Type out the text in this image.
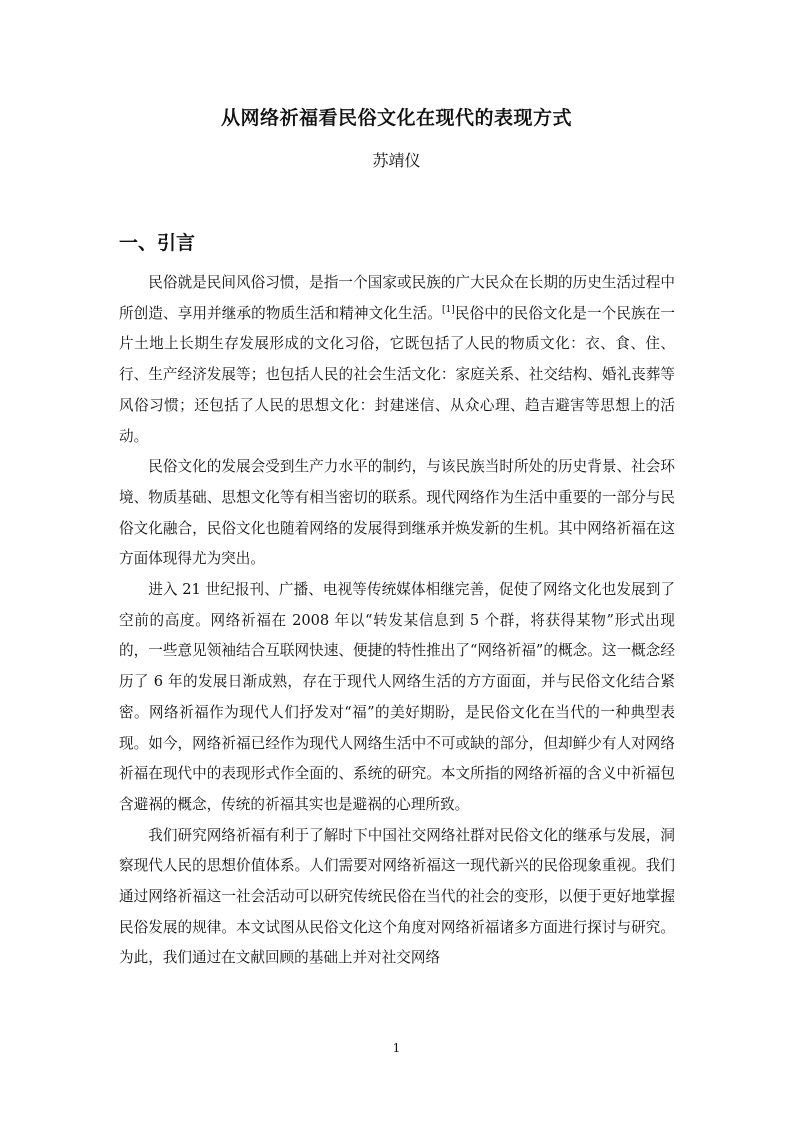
从网络祈福看民俗文化在现代的表现方式
苏靖仪
一、引言

民俗就是民间风俗习惯，是指一个国家或民族的广大民众在长期的历史生活过程中所创造、享用并继承的物质生活和精神文化生活。[1]民俗中的民俗文化是一个民族在一片土地上长期生存发展形成的文化习俗，它既包括了人民的物质文化：衣、食、住、行、生产经济发展等；也包括人民的社会生活文化：家庭关系、社交结构、婚礼丧葬等风俗习惯；还包括了人民的思想文化：封建迷信、从众心理、趋吉避害等思想上的活动。

民俗文化的发展会受到生产力水平的制约，与该民族当时所处的历史背景、社会环境、物质基础、思想文化等有相当密切的联系。现代网络作为生活中重要的一部分与民俗文化融合，民俗文化也随着网络的发展得到继承并焕发新的生机。其中网络祈福在这方面体现得尤为突出。

进入 21 世纪报刊、广播、电视等传统媒体相继完善，促使了网络文化也发展到了空前的高度。网络祈福在 2008 年以“转发某信息到 5 个群，将获得某物”形式出现的，一些意见领袖结合互联网快速、便捷的特性推出了“网络祈福”的概念。这一概念经历了 6 年的发展日渐成熟，存在于现代人网络生活的方方面面，并与民俗文化结合紧密。网络祈福作为现代人们抒发对“福”的美好期盼，是民俗文化在当代的一种典型表现。如今，网络祈福已经作为现代人网络生活中不可或缺的部分，但却鲜少有人对网络祈福在现代中的表现形式作全面的、系统的研究。本文所指的网络祈福的含义中祈福包含避祸的概念，传统的祈福其实也是避祸的心理所致。

我们研究网络祈福有利于了解时下中国社交网络社群对民俗文化的继承与发展，洞察现代人民的思想价值体系。人们需要对网络祈福这一现代新兴的民俗现象重视。我们通过网络祈福这一社会活动可以研究传统民俗在当代的社会的变形，以便于更好地掌握民俗发展的规律。本文试图从民俗文化这个角度对网络祈福诸多方面进行探讨与研究。为此，我们通过在文献回顾的基础上并对社交网络

1
